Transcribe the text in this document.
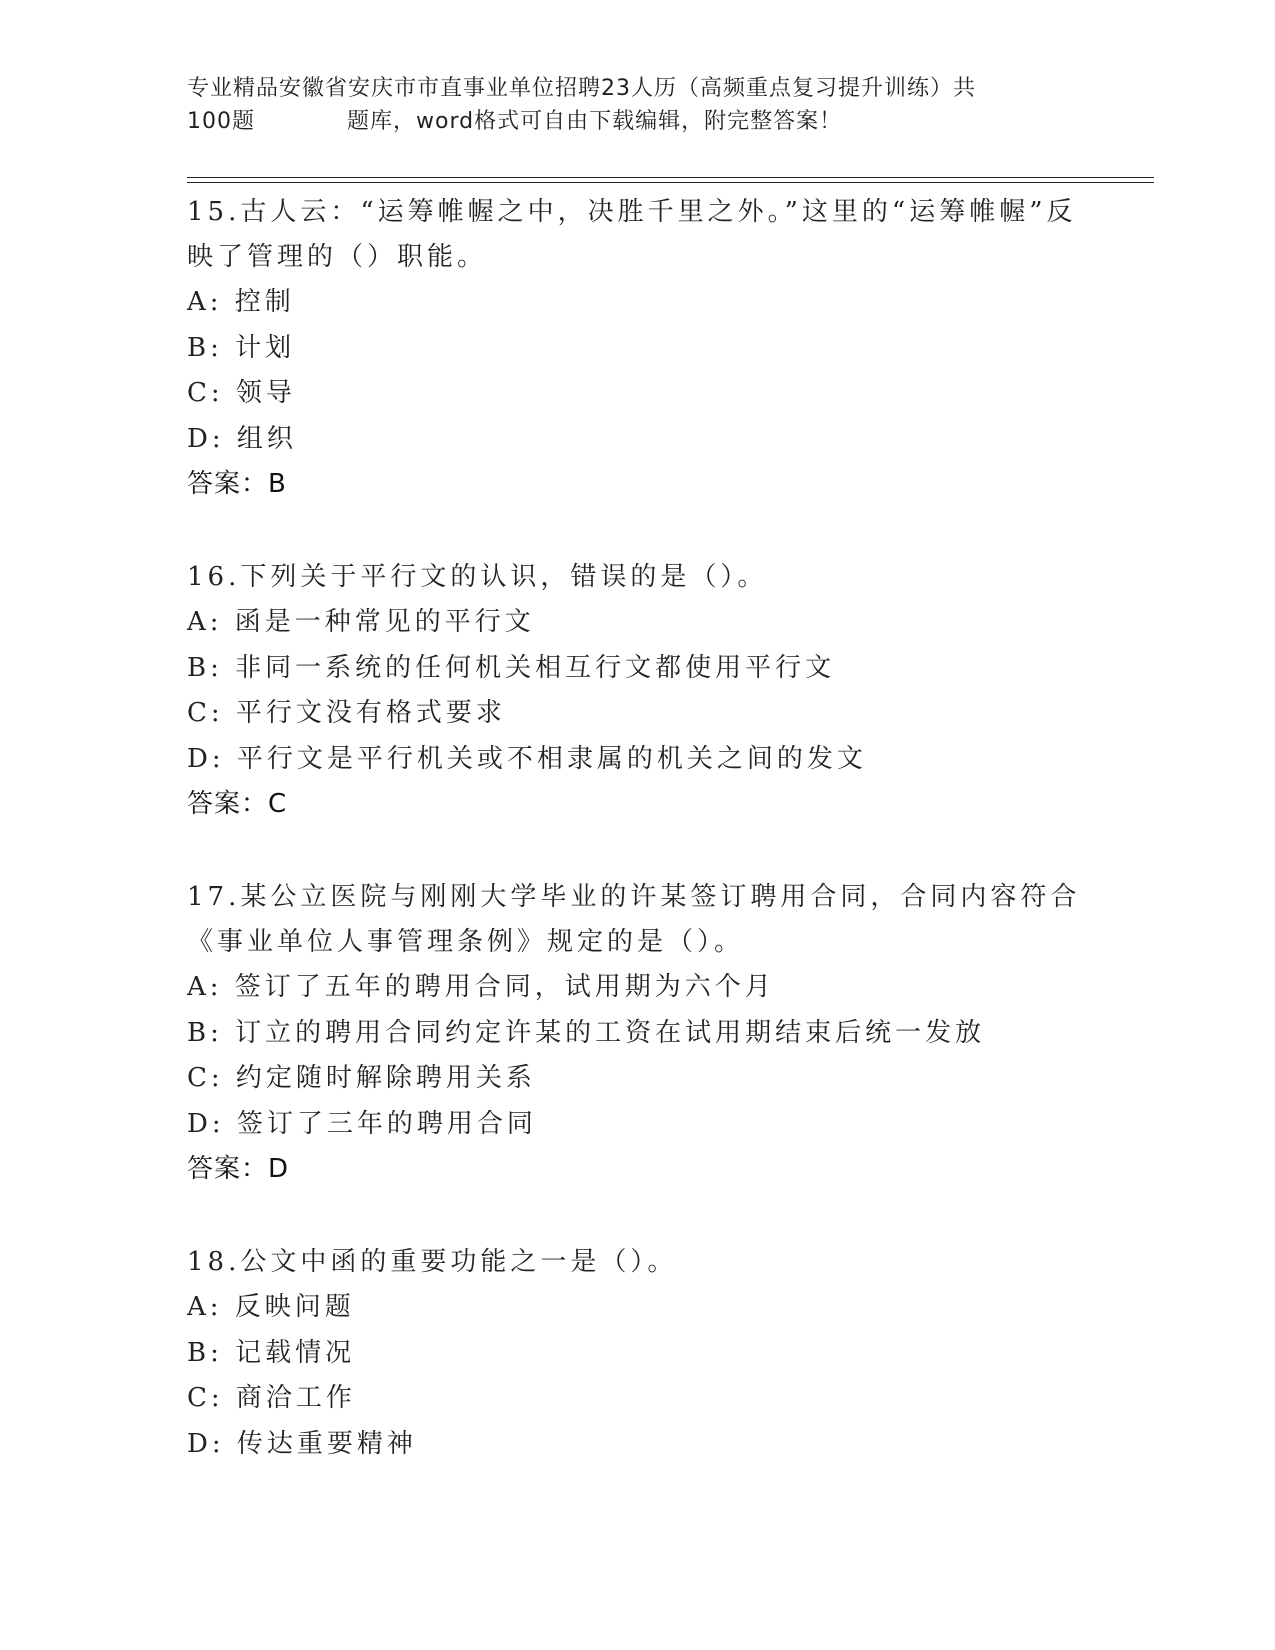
专业精品安徽省安庆市市直事业单位招聘23人历（高频重点复习提升训练）共
100题　　　　题库，word格式可自由下载编辑，附完整答案！
15.古人云：“运筹帷幄之中，决胜千里之外。”这里的“运筹帷幄”反映了管理的（）职能。
A: 控制
B: 计划
C: 领导
D: 组织
答案：B
16.下列关于平行文的认识，错误的是（）。
A: 函是一种常见的平行文
B: 非同一系统的任何机关相互行文都使用平行文
C: 平行文没有格式要求
D: 平行文是平行机关或不相隶属的机关之间的发文
答案：C
17.某公立医院与刚刚大学毕业的许某签订聘用合同，合同内容符合《事业单位人事管理条例》规定的是（）。
A: 签订了五年的聘用合同，试用期为六个月
B: 订立的聘用合同约定许某的工资在试用期结束后统一发放
C: 约定随时解除聘用关系
D: 签订了三年的聘用合同
答案：D
18.公文中函的重要功能之一是（）。
A: 反映问题
B: 记载情况
C: 商洽工作
D: 传达重要精神
